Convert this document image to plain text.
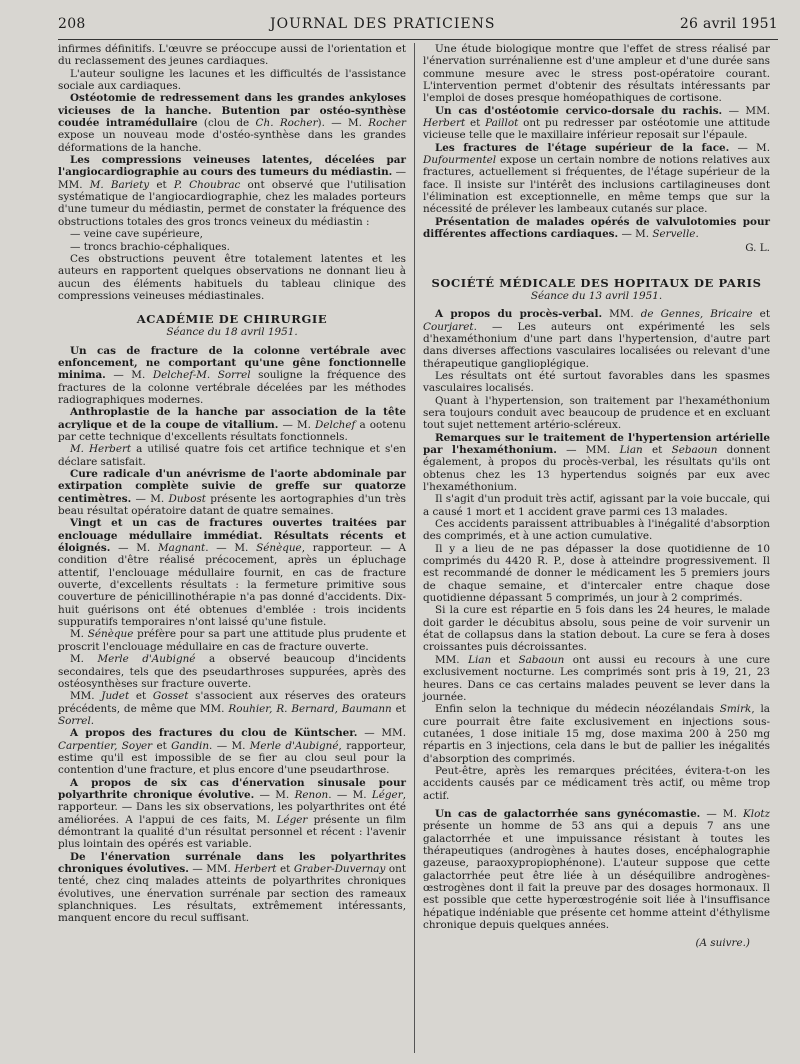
208	JOURNAL DES PRATICIENS	26 avril 1951

infirmes définitifs. L'œuvre se préoccupe aussi de l'orientation et du reclassement des jeunes cardiaques.

L'auteur souligne les lacunes et les difficultés de l'assistance sociale aux cardiaques.

Ostéotomie de redressement dans les grandes ankyloses vicieuses de la hanche. Butention par ostéo-synthèse coudée intramédullaire (clou de Ch. Rocher). — M. Rocher expose un nouveau mode d'ostéo-synthèse dans les grandes déformations de la hanche.

Les compressions veineuses latentes, décelées par l'angiocardiographie au cours des tumeurs du médiastin. — MM. M. Bariety et P. Choubrac ont observé que l'utilisation systématique de l'angiocardiographie, chez les malades porteurs d'une tumeur du médiastin, permet de constater la fréquence des obstructions totales des gros troncs veineux du médiastin :

— veine cave supérieure,

— troncs brachio-céphaliques.

Ces obstructions peuvent être totalement latentes et les auteurs en rapportent quelques observations ne donnant lieu à aucun des éléments habituels du tableau clinique des compressions veineuses médiastinales.

ACADÉMIE DE CHIRURGIE
Séance du 18 avril 1951.

Un cas de fracture de la colonne vertébrale avec enfoncement, ne comportant qu'une gêne fonctionnelle minima. — M. Delchef-M. Sorrel souligne la fréquence des fractures de la colonne vertébrale décelées par les méthodes radiographiques modernes.

Anthroplastie de la hanche par association de la tête acrylique et de la coupe de vitallium. — M. Delchef a ootenu par cette technique d'excellents résultats fonctionnels.

M. Herbert a utilisé quatre fois cet artifice technique et s'en déclare satisfait.

Cure radicale d'un anévrisme de l'aorte abdominale par extirpation complète suivie de greffe sur quatorze centimètres. — M. Dubost présente les aortographies d'un très beau résultat opératoire datant de quatre semaines.

Vingt et un cas de fractures ouvertes traitées par enclouage médullaire immédiat. Résultats récents et éloignés. — M. Magnant. — M. Sénèque, rapporteur. — A condition d'être réalisé précocement, après un épluchage attentif, l'enclouage médullaire fournit, en cas de fracture ouverte, d'excellents résultats : la fermeture primitive sous couverture de pénicillinothérapie n'a pas donné d'accidents. Dix-huit guérisons ont été obtenues d'emblée : trois incidents suppuratifs temporaires n'ont laissé qu'une fistule.

M. Sénèque préfère pour sa part une attitude plus prudente et proscrit l'enclouage médullaire en cas de fracture ouverte.

M. Merle d'Aubigné a observé beaucoup d'incidents secondaires, tels que des pseudarthroses suppurées, après des ostéosynthèses sur fracture ouverte.

MM. Judet et Gosset s'associent aux réserves des orateurs précédents, de même que MM. Rouhier, R. Bernard, Baumann et Sorrel.

A propos des fractures du clou de Küntscher. — MM. Carpentier, Soyer et Gandin. — M. Merle d'Aubigné, rapporteur, estime qu'il est impossible de se fier au clou seul pour la contention d'une fracture, et plus encore d'une pseudarthrose.

A propos de six cas d'énervation sinusale pour polyarthrite chronique évolutive. — M. Renon. — M. Léger, rapporteur. — Dans les six observations, les polyarthrites ont été améliorées. A l'appui de ces faits, M. Léger présente un film démontrant la qualité d'un résultat personnel et récent : l'avenir plus lointain des opérés est variable.

De l'énervation surrénale dans les polyarthrites chroniques évolutives. — MM. Herbert et Graber-Duvernay ont tenté, chez cinq malades atteints de polyarthrites chroniques évolutives, une énervation surrénale par section des rameaux splanchniques. Les résultats, extrêmement intéressants, manquent encore du recul suffisant.

Une étude biologique montre que l'effet de stress réalisé par l'énervation surrénalienne est d'une ampleur et d'une durée sans commune mesure avec le stress post-opératoire courant. L'intervention permet d'obtenir des résultats intéressants par l'emploi de doses presque homéopathiques de cortisone.

Un cas d'ostéotomie cervico-dorsale du rachis. — MM. Herbert et Paillot ont pu redresser par ostéotomie une attitude vicieuse telle que le maxillaire inférieur reposait sur l'épaule.

Les fractures de l'étage supérieur de la face. — M. Dufourmentel expose un certain nombre de notions relatives aux fractures, actuellement si fréquentes, de l'étage supérieur de la face. Il insiste sur l'intérêt des inclusions cartilagineuses dont l'élimination est exceptionnelle, en même temps que sur la nécessité de prélever les lambeaux cutanés sur place.

Présentation de malades opérés de valvulotomies pour différentes affections cardiaques. — M. Servelle.

G. L.
SOCIÉTÉ MÉDICALE DES HOPITAUX DE PARIS
Séance du 13 avril 1951.

A propos du procès-verbal. MM. de Gennes, Bricaire et Courjaret. — Les auteurs ont expérimenté les sels d'hexaméthonium d'une part dans l'hypertension, d'autre part dans diverses affections vasculaires localisées ou relevant d'une thérapeutique ganglioplégique.

Les résultats ont été surtout favorables dans les spasmes vasculaires localisés.

Quant à l'hypertension, son traitement par l'hexaméthonium sera toujours conduit avec beaucoup de prudence et en excluant tout sujet nettement artério-scléreux.

Remarques sur le traitement de l'hypertension artérielle par l'hexaméthonium. — MM. Lian et Sebaoun donnent également, à propos du procès-verbal, les résultats qu'ils ont obtenus chez les 13 hypertendus soignés par eux avec l'hexaméthonium.

Il s'agit d'un produit très actif, agissant par la voie buccale, qui a causé 1 mort et 1 accident grave parmi ces 13 malades.

Ces accidents paraissent attribuables à l'inégalité d'absorption des comprimés, et à une action cumulative.

Il y a lieu de ne pas dépasser la dose quotidienne de 10 comprimés du 4420 R. P., dose à atteindre progressivement. Il est recommandé de donner le médicament les 5 premiers jours de chaque semaine, et d'intercaler entre chaque dose quotidienne dépassant 5 comprimés, un jour à 2 comprimés.

Si la cure est répartie en 5 fois dans les 24 heures, le malade doit garder le décubitus absolu, sous peine de voir survenir un état de collapsus dans la station debout. La cure se fera à doses croissantes puis décroissantes.

MM. Lian et Sabaoun ont aussi eu recours à une cure exclusivement nocturne. Les comprimés sont pris à 19, 21, 23 heures. Dans ce cas certains malades peuvent se lever dans la journée.

Enfin selon la technique du médecin néozélandais Smirk, la cure pourrait être faite exclusivement en injections sous-cutanées, 1 dose initiale 15 mg, dose maxima 200 à 250 mg répartis en 3 injections, cela dans le but de pallier les inégalités d'absorption des comprimés.

Peut-être, après les remarques précitées, évitera-t-on les accidents causés par ce médicament très actif, ou même trop actif.

Un cas de galactorrhée sans gynécomastie. — M. Klotz présente un homme de 53 ans qui a depuis 7 ans une galactorrhée et une impuissance résistant à toutes les thérapeutiques (androgènes à hautes doses, encéphalographie gazeuse, paraoxypropiophénone). L'auteur suppose que cette galactorrhée peut être liée à un déséquilibre androgènes-œstrogènes dont il fait la preuve par des dosages hormonaux. Il est possible que cette hyperœstrogénie soit liée à l'insuffisance hépatique indéniable que présente cet homme atteint d'éthylisme chronique depuis quelques années.

(A suivre.)
